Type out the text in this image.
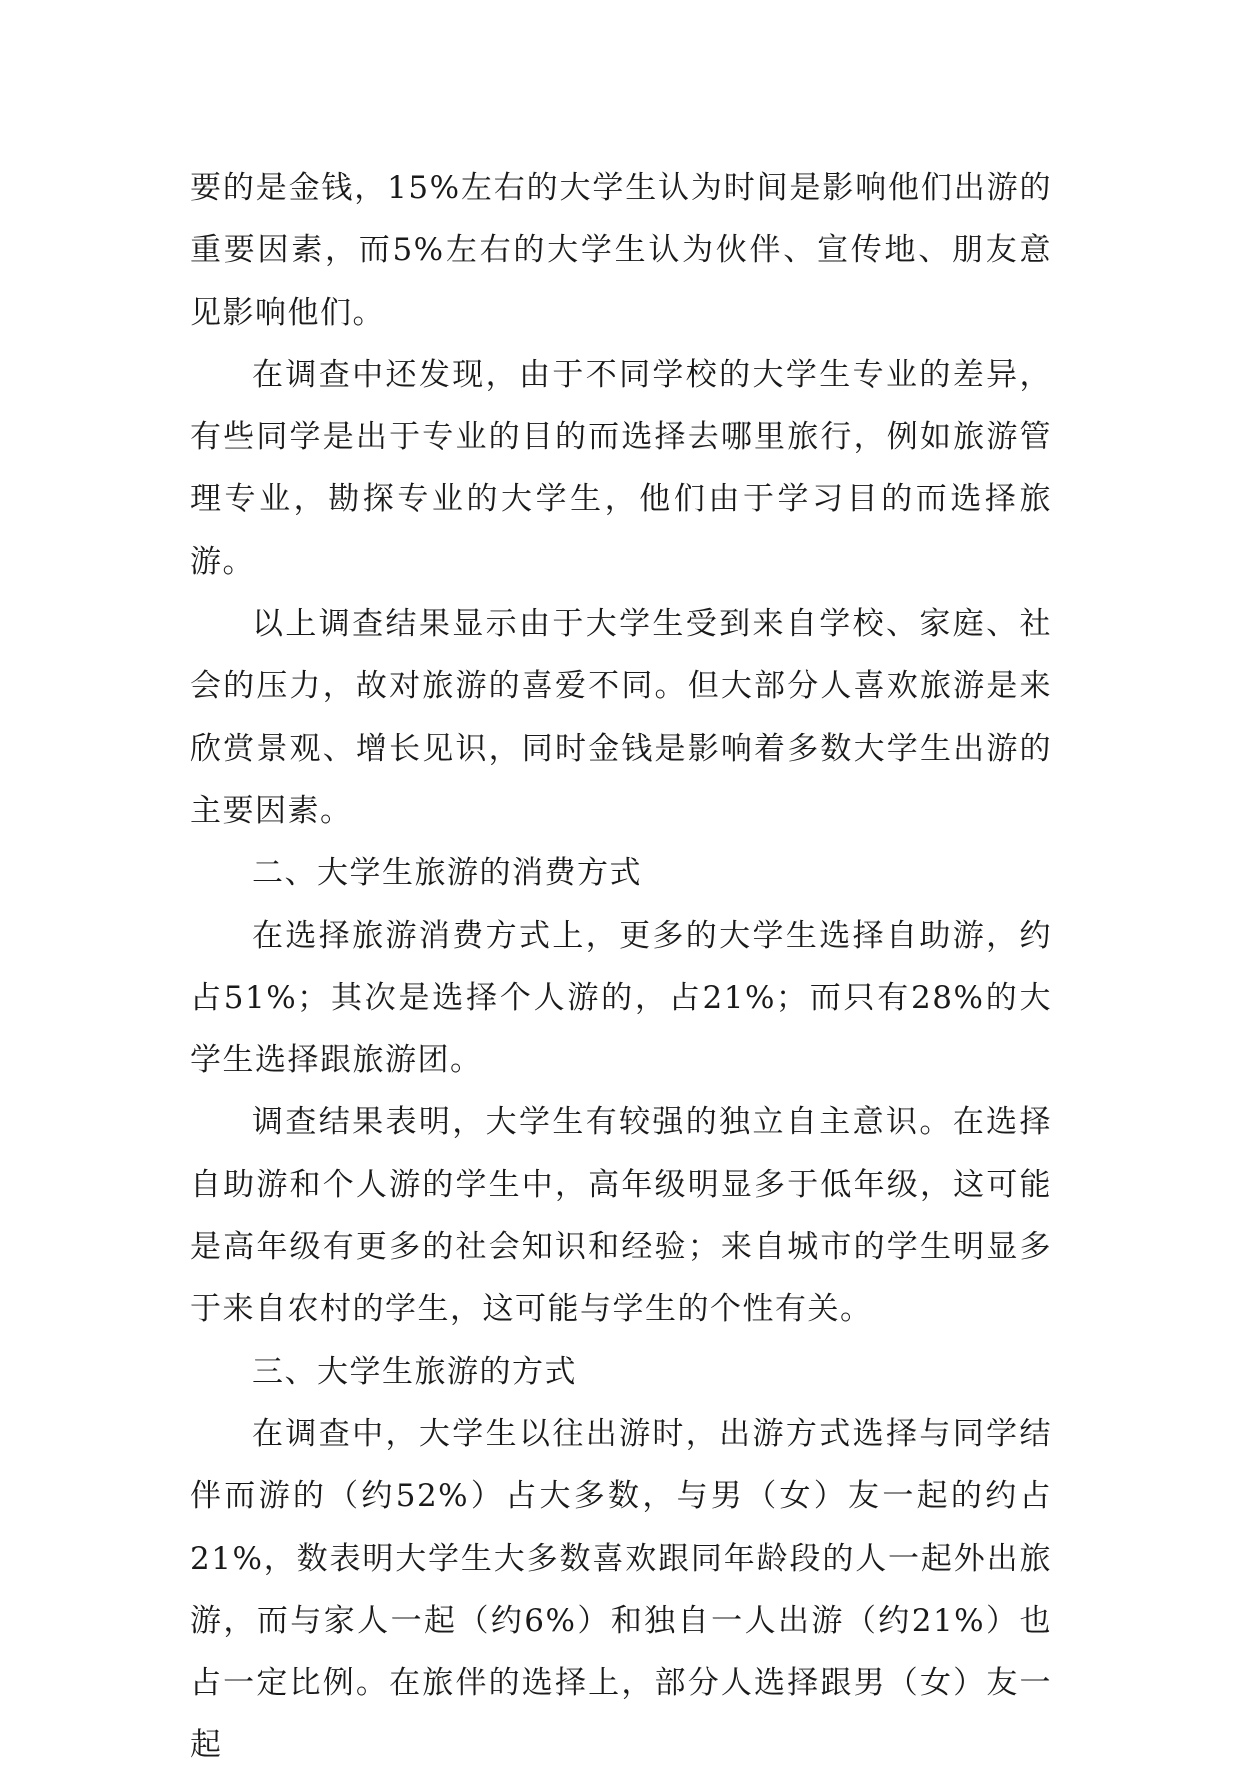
要的是金钱，15%左右的大学生认为时间是影响他们出游的重要因素，而5%左右的大学生认为伙伴、宣传地、朋友意见影响他们。

在调查中还发现，由于不同学校的大学生专业的差异，有些同学是出于专业的目的而选择去哪里旅行，例如旅游管理专业，勘探专业的大学生，他们由于学习目的而选择旅游。

以上调查结果显示由于大学生受到来自学校、家庭、社会的压力，故对旅游的喜爱不同。但大部分人喜欢旅游是来欣赏景观、增长见识，同时金钱是影响着多数大学生出游的主要因素。

二、大学生旅游的消费方式

在选择旅游消费方式上，更多的大学生选择自助游，约占51%；其次是选择个人游的，占21%；而只有28%的大学生选择跟旅游团。

调查结果表明，大学生有较强的独立自主意识。在选择自助游和个人游的学生中，高年级明显多于低年级，这可能是高年级有更多的社会知识和经验；来自城市的学生明显多于来自农村的学生，这可能与学生的个性有关。

三、大学生旅游的方式

在调查中，大学生以往出游时，出游方式选择与同学结伴而游的（约52%）占大多数，与男（女）友一起的约占21%，数表明大学生大多数喜欢跟同年龄段的人一起外出旅游，而与家人一起（约6%）和独自一人出游（约21%）也占一定比例。在旅伴的选择上，部分人选择跟男（女）友一起
